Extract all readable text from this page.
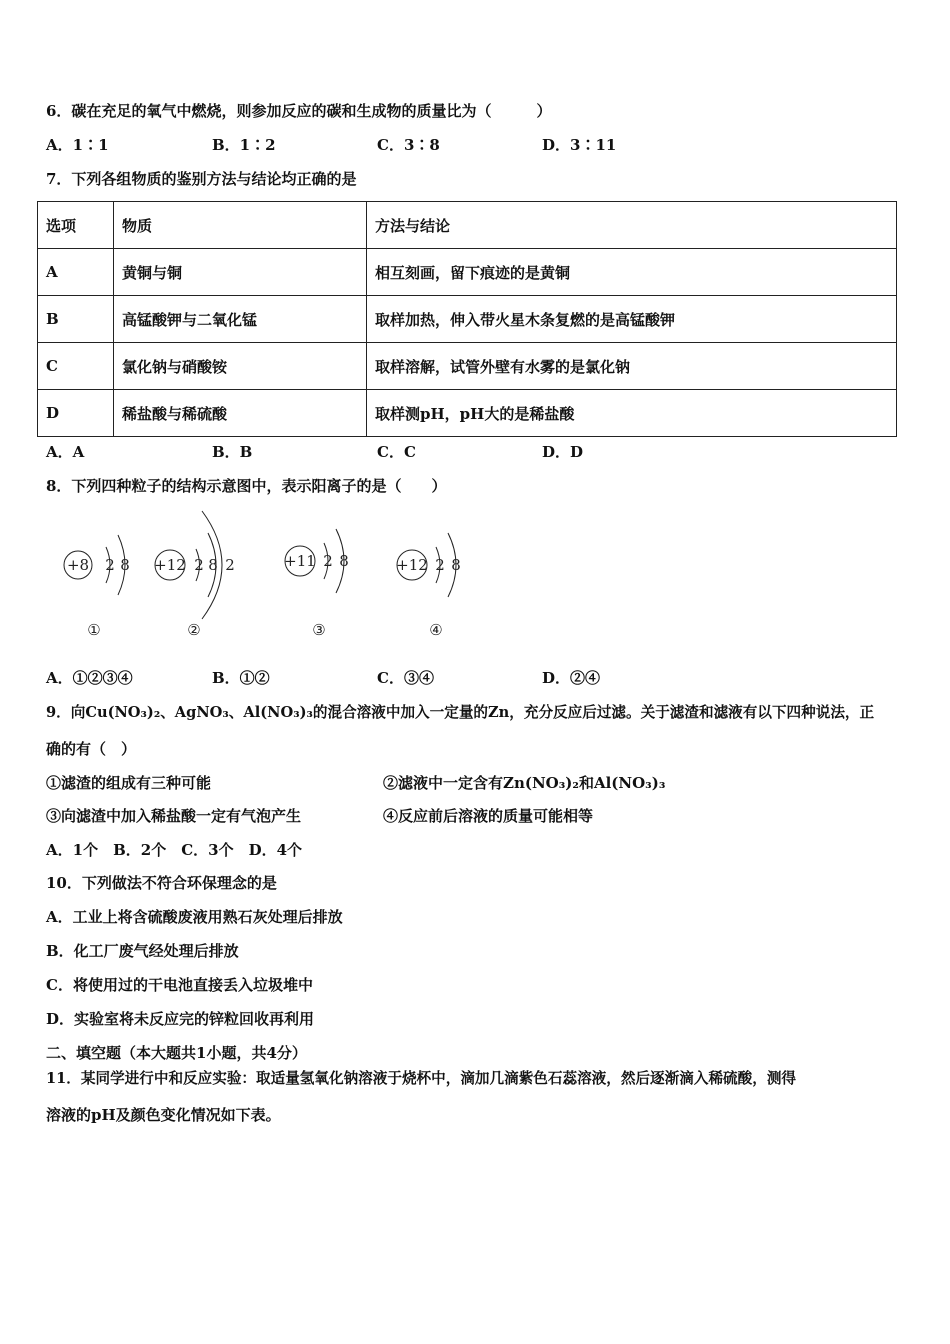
6．碳在充足的氧气中燃烧，则参加反应的碳和生成物的质量比为（　　　）
A．1∶1	B．1∶2	C．3∶8	D．3∶11
7．下列各组物质的鉴别方法与结论均正确的是
选项	物质	方法与结论
A	黄铜与铜	相互刻画，留下痕迹的是黄铜
B	高锰酸钾与二氧化锰	取样加热，伸入带火星木条复燃的是高锰酸钾
C	氯化钠与硝酸铵	取样溶解，试管外壁有水雾的是氯化钠
D	稀盐酸与稀硫酸	取样测pH，pH大的是稀盐酸
A．A	B．B	C．C	D．D
8．下列四种粒子的结构示意图中，表示阳离子的是（　　）
+8 2 8
①
+12 2 8 2
②
+11 2 8
③
+12 2 8
④
A．①②③④	B．①②	C．③④	D．②④
9．向Cu(NO₃)₂、AgNO₃、Al(NO₃)₃的混合溶液中加入一定量的Zn，充分反应后过滤。关于滤渣和滤液有以下四种说法，正
确的有（　）
①滤渣的组成有三种可能	②滤液中一定含有Zn(NO₃)₂和Al(NO₃)₃
③向滤渣中加入稀盐酸一定有气泡产生	④反应前后溶液的质量可能相等
A．1个　B．2个　C．3个　D．4个
10．下列做法不符合环保理念的是
A．工业上将含硫酸废液用熟石灰处理后排放
B．化工厂废气经处理后排放
C．将使用过的干电池直接丢入垃圾堆中
D．实验室将未反应完的锌粒回收再利用
二、填空题（本大题共1小题，共4分）
11．某同学进行中和反应实验：取适量氢氧化钠溶液于烧杯中，滴加几滴紫色石蕊溶液，然后逐渐滴入稀硫酸，测得
溶液的pH及颜色变化情况如下表。
